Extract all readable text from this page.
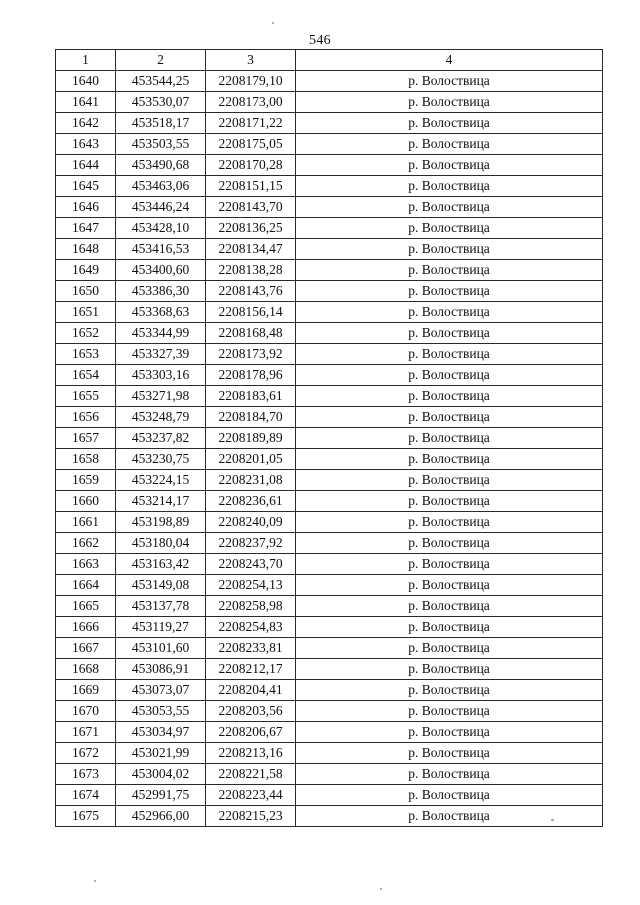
546
1	2	3	4
1640	453544,25	2208179,10	р. Волоствица
1641	453530,07	2208173,00	р. Волоствица
1642	453518,17	2208171,22	р. Волоствица
1643	453503,55	2208175,05	р. Волоствица
1644	453490,68	2208170,28	р. Волоствица
1645	453463,06	2208151,15	р. Волоствица
1646	453446,24	2208143,70	р. Волоствица
1647	453428,10	2208136,25	р. Волоствица
1648	453416,53	2208134,47	р. Волоствица
1649	453400,60	2208138,28	р. Волоствица
1650	453386,30	2208143,76	р. Волоствица
1651	453368,63	2208156,14	р. Волоствица
1652	453344,99	2208168,48	р. Волоствица
1653	453327,39	2208173,92	р. Волоствица
1654	453303,16	2208178,96	р. Волоствица
1655	453271,98	2208183,61	р. Волоствица
1656	453248,79	2208184,70	р. Волоствица
1657	453237,82	2208189,89	р. Волоствица
1658	453230,75	2208201,05	р. Волоствица
1659	453224,15	2208231,08	р. Волоствица
1660	453214,17	2208236,61	р. Волоствица
1661	453198,89	2208240,09	р. Волоствица
1662	453180,04	2208237,92	р. Волоствица
1663	453163,42	2208243,70	р. Волоствица
1664	453149,08	2208254,13	р. Волоствица
1665	453137,78	2208258,98	р. Волоствица
1666	453119,27	2208254,83	р. Волоствица
1667	453101,60	2208233,81	р. Волоствица
1668	453086,91	2208212,17	р. Волоствица
1669	453073,07	2208204,41	р. Волоствица
1670	453053,55	2208203,56	р. Волоствица
1671	453034,97	2208206,67	р. Волоствица
1672	453021,99	2208213,16	р. Волоствица
1673	453004,02	2208221,58	р. Волоствица
1674	452991,75	2208223,44	р. Волоствица
1675	452966,00	2208215,23	р. Волоствица
